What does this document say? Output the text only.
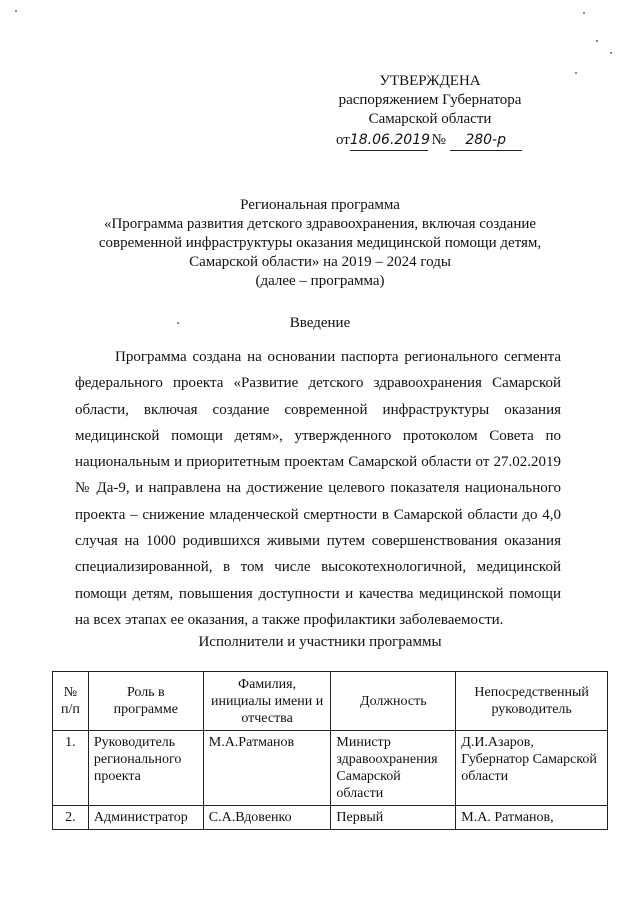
УТВЕРЖДЕНА
распоряжением Губернатора
Самарской области
от18.06.2019 № 280-р
Региональная программа
«Программа развития детского здравоохранения, включая создание
современной инфраструктуры оказания медицинской помощи детям,
Самарской области» на 2019 – 2024 годы
(далее – программа)
Введение
Программа создана на основании паспорта регионального сегмента федерального проекта «Развитие детского здравоохранения Самарской области, включая создание современной инфраструктуры оказания медицинской помощи детям», утвержденного протоколом Совета по национальным и приоритетным проектам Самарской области от 27.02.2019 № Да-9, и направлена на достижение целевого показателя национального проекта – снижение младенческой смертности в Самарской области до 4,0 случая на 1000 родившихся живыми путем совершенствования оказания специализированной, в том числе высокотехнологичной, медицинской помощи детям, повышения доступности и качества медицинской помощи на всех этапах ее оказания, а также профилактики заболеваемости.
Исполнители и участники программы
№ п/п	Роль в программе	Фамилия, инициалы имени и отчества	Должность	Непосредственный руководитель
1.	Руководитель регионального проекта	М.А.Ратманов	Министр здравоохранения Самарской области	Д.И.Азаров, Губернатор Самарской области
2.	Администратор	С.А.Вдовенко	Первый	М.А. Ратманов,
